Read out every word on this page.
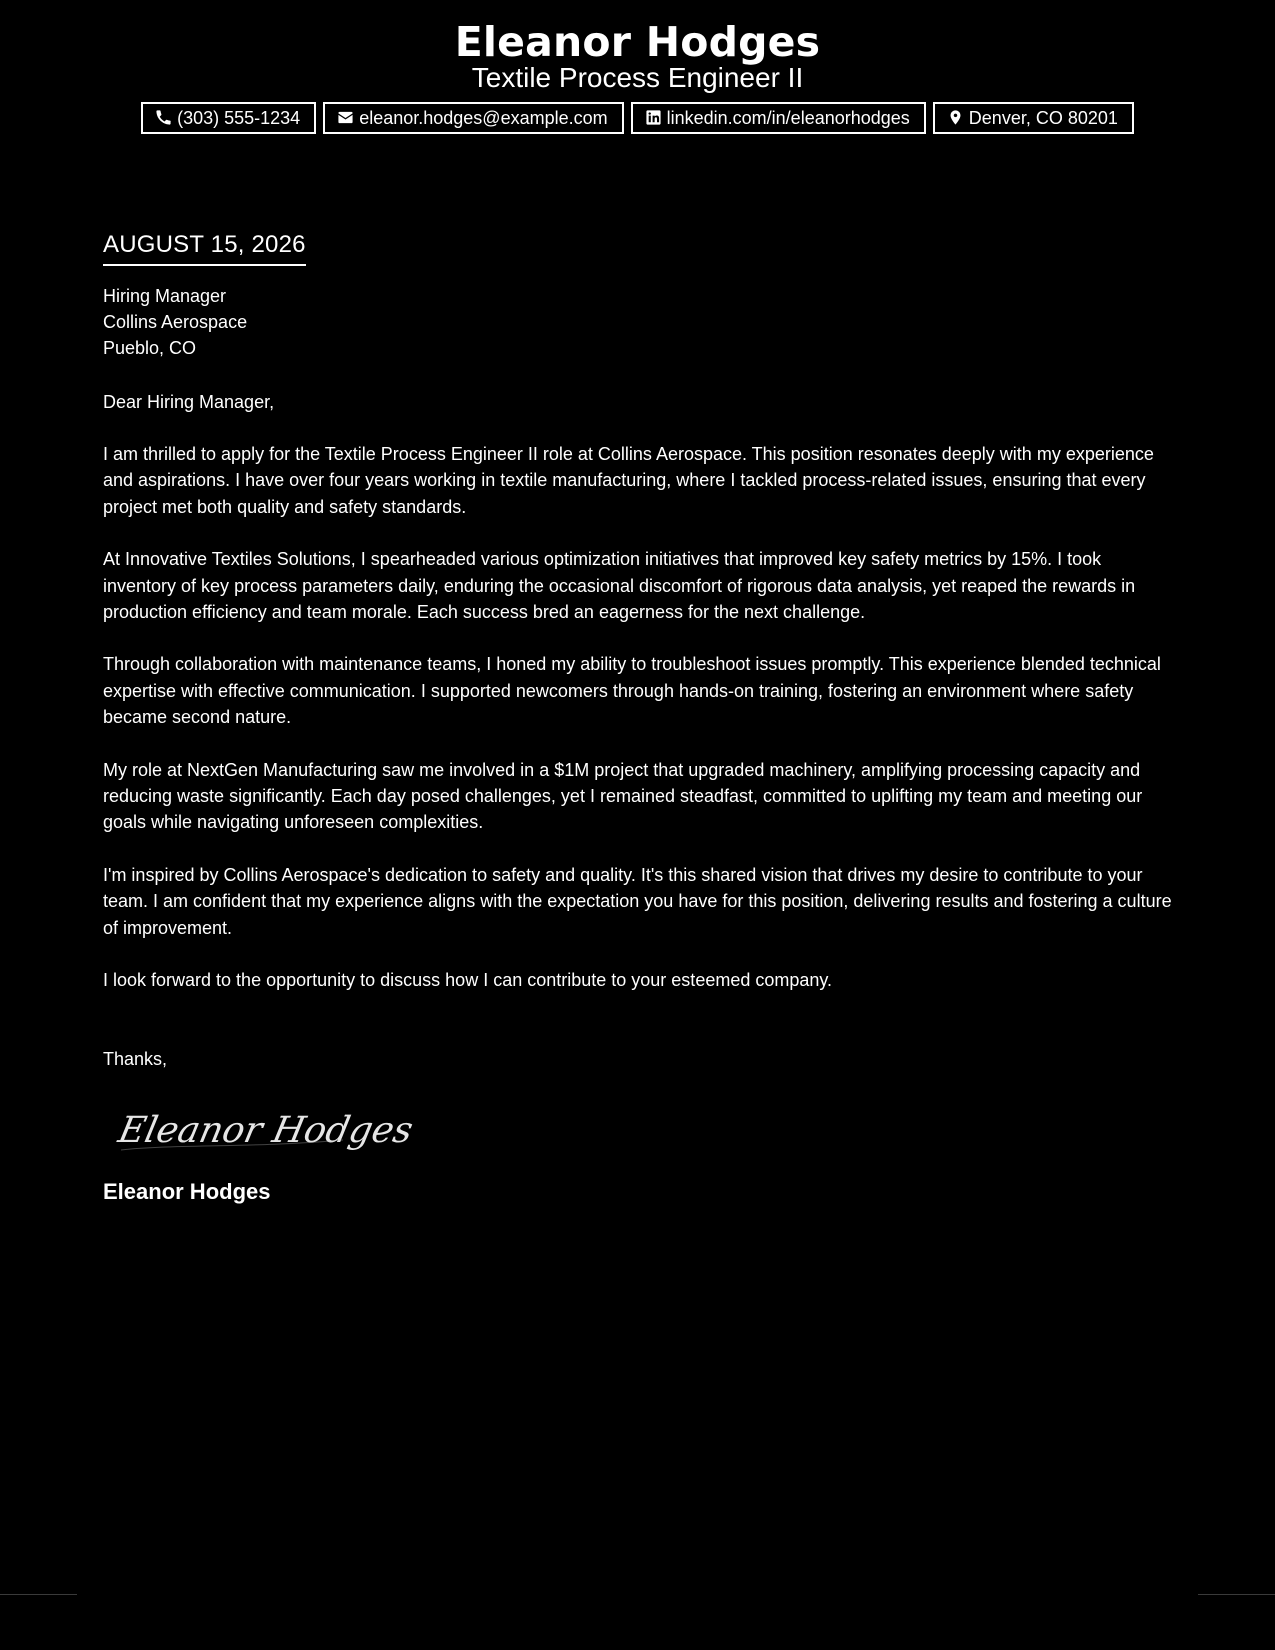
Eleanor Hodges
Textile Process Engineer II
(303) 555-1234	eleanor.hodges@example.com	linkedin.com/in/eleanorhodges	Denver, CO 80201
AUGUST 15, 2026
Hiring Manager
Collins Aerospace
Pueblo, CO
Dear Hiring Manager,
I am thrilled to apply for the Textile Process Engineer II role at Collins Aerospace. This position resonates deeply with my experience and aspirations. I have over four years working in textile manufacturing, where I tackled process-related issues, ensuring that every project met both quality and safety standards.
At Innovative Textiles Solutions, I spearheaded various optimization initiatives that improved key safety metrics by 15%. I took inventory of key process parameters daily, enduring the occasional discomfort of rigorous data analysis, yet reaped the rewards in production efficiency and team morale. Each success bred an eagerness for the next challenge.
Through collaboration with maintenance teams, I honed my ability to troubleshoot issues promptly. This experience blended technical expertise with effective communication. I supported newcomers through hands-on training, fostering an environment where safety became second nature.
My role at NextGen Manufacturing saw me involved in a $1M project that upgraded machinery, amplifying processing capacity and reducing waste significantly. Each day posed challenges, yet I remained steadfast, committed to uplifting my team and meeting our goals while navigating unforeseen complexities.
I'm inspired by Collins Aerospace's dedication to safety and quality. It's this shared vision that drives my desire to contribute to your team. I am confident that my experience aligns with the expectation you have for this position, delivering results and fostering a culture of improvement.
I look forward to the opportunity to discuss how I can contribute to your esteemed company.
Thanks,
Eleanor Hodges
Eleanor Hodges
